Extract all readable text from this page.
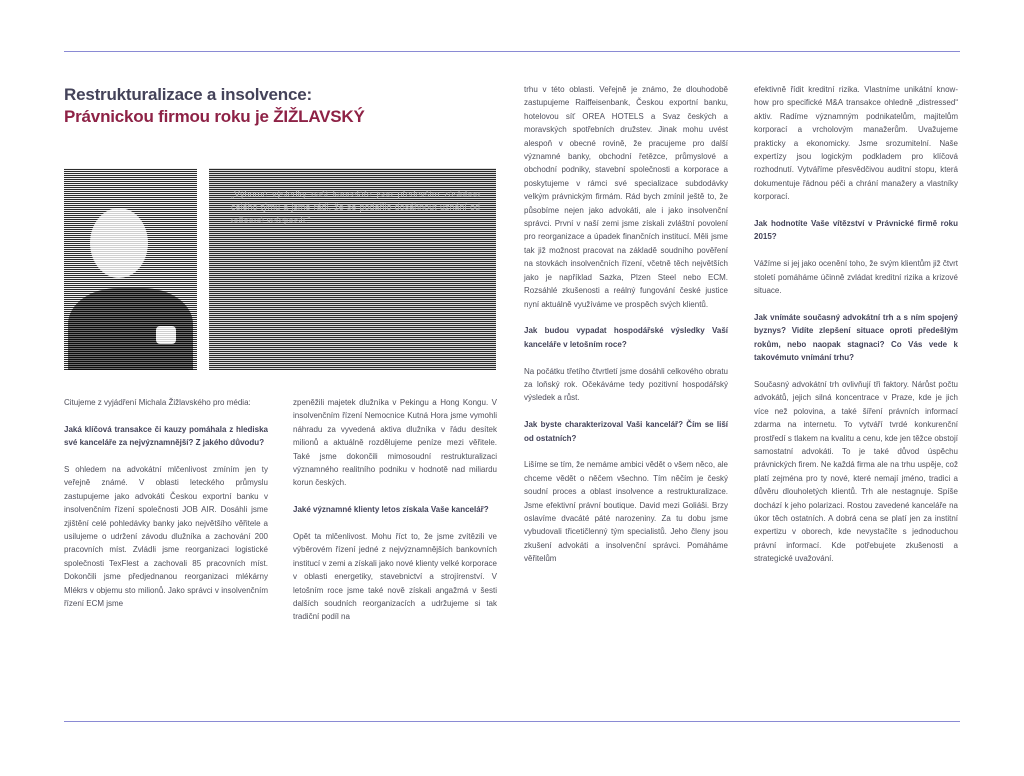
Restrukturalizace a insolvence:
Právnickou firmou roku je ŽIŽLAVSKÝ

„Výborné výsledky naší kanceláře jsou především zásluhou celého týmu a jsme rádi, že se podařilo dosáhnout uznání od odborné veřejnosti.“

Citujeme z vyjádření Michala Žižlavského pro média:

Jaká klíčová transakce či kauzy pomáhala z hlediska své kanceláře za nejvýznamnější? Z jakého důvodu?

S ohledem na advokátní mlčenlivost zmíním jen ty veřejně známé. V oblasti leteckého průmyslu zastupujeme jako advokáti Českou exportní banku v insolvenčním řízení společnosti JOB AIR. Dosáhli jsme zjištění celé pohledávky banky jako největšího věřitele a usilujeme o udržení závodu dlužníka a zachování 200 pracovních míst. Zvládli jsme reorganizaci logistické společnosti TexFlest a zachovali 85 pracovních míst. Dokončili jsme předjednanou reorganizaci mlékárny Mlékrs v objemu sto milionů. Jako správci v insolvenčním řízení ECM jsme

zpeněžili majetek dlužníka v Pekingu a Hong Kongu. V insolvenčním řízení Nemocnice Kutná Hora jsme vymohli náhradu za vyvedená aktiva dlužníka v řádu desítek milionů a aktuálně rozdělujeme peníze mezi věřitele. Také jsme dokončili mimosoudní restrukturalizaci významného realitního podniku v hodnotě nad miliardu korun českých.

Jaké významné klienty letos získala Vaše kancelář?

Opět ta mlčenlivost. Mohu říct to, že jsme zvítězili ve výběrovém řízení jedné z nejvýznamnějších bankovních institucí v zemi a získali jako nové klienty velké korporace v oblasti energetiky, stavebnictví a strojírenství. V letošním roce jsme také nově získali angažmá v šesti dalších soudních reorganizacích a udržujeme si tak tradiční podíl na

trhu v této oblasti. Veřejně je známo, že dlouhodobě zastupujeme Raiffeisenbank, Českou exportní banku, hotelovou síť OREA HOTELS a Svaz českých a moravských spotřebních družstev. Jinak mohu uvést alespoň v obecné rovině, že pracujeme pro další významné banky, obchodní řetězce, průmyslové a obchodní podniky, stavební společnosti a korporace a poskytujeme v rámci své specializace subdodávky velkým právnickým firmám. Rád bych zmínil ještě to, že působíme nejen jako advokáti, ale i jako insolvenční správci. První v naší zemi jsme získali zvláštní povolení pro reorganizace a úpadek finančních institucí. Měli jsme tak již možnost pracovat na základě soudního pověření na stovkách insolvenčních řízení, včetně těch největších jako je například Sazka, Plzen Steel nebo ECM. Rozsáhlé zkušenosti a reálný fungování české justice nyní aktuálně využíváme ve prospěch svých klientů.

Jak budou vypadat hospodářské výsledky Vaší kanceláře v letošním roce?

Na počátku třetího čtvrtletí jsme dosáhli celkového obratu za loňský rok. Očekáváme tedy pozitivní hospodářský výsledek a růst.

Jak byste charakterizoval Vaši kancelář? Čím se liší od ostatních?

Lišíme se tím, že nemáme ambici vědět o všem něco, ale chceme vědět o něčem všechno. Tím něčím je český soudní proces a oblast insolvence a restrukturalizace. Jsme efektivní právní boutique. David mezi Goliáši. Brzy oslavíme dvacáté páté narozeniny. Za tu dobu jsme vybudovali třicetičlenný tým specialistů. Jeho členy jsou zkušení advokáti a insolvenční správci. Pomáháme věřitelům

efektivně řídit kreditní rizika. Vlastníme unikátní know-how pro specifické M&A transakce ohledně „distressed“ aktiv. Radíme významným podnikatelům, majitelům korporací a vrcholovým manažerům. Uvažujeme prakticky a ekonomicky. Jsme srozumitelní. Naše expertízy jsou logickým podkladem pro klíčová rozhodnutí. Vytváříme přesvědčivou auditní stopu, která dokumentuje řádnou péči a chrání manažery a vlastníky korporací.

Jak hodnotíte Vaše vítězství v Právnické firmě roku 2015?

Vážíme si jej jako ocenění toho, že svým klientům již čtvrt století pomáháme účinně zvládat kreditní rizika a krizové situace.

Jak vnímáte současný advokátní trh a s ním spojený byznys? Vidíte zlepšení situace oproti předešlým rokům, nebo naopak stagnaci? Co Vás vede k takovémuto vnímání trhu?

Současný advokátní trh ovlivňují tři faktory. Nárůst počtu advokátů, jejich silná koncentrace v Praze, kde je jich více než polovina, a také šíření právních informací zdarma na internetu. To vytváří tvrdé konkurenční prostředí s tlakem na kvalitu a cenu, kde jen těžce obstojí samostatní advokáti. To je také důvod úspěchu právnických firem. Ne každá firma ale na trhu uspěje, což platí zejména pro ty nové, které nemají jméno, tradici a důvěru dlouholetých klientů. Trh ale nestagnuje. Spíše dochází k jeho polarizaci. Rostou zavedené kanceláře na úkor těch ostatních. A dobrá cena se platí jen za institní expertizu v oborech, kde nevystačíte s jednoduchou právní informací. Kde potřebujete zkušenosti a strategické uvažování.
